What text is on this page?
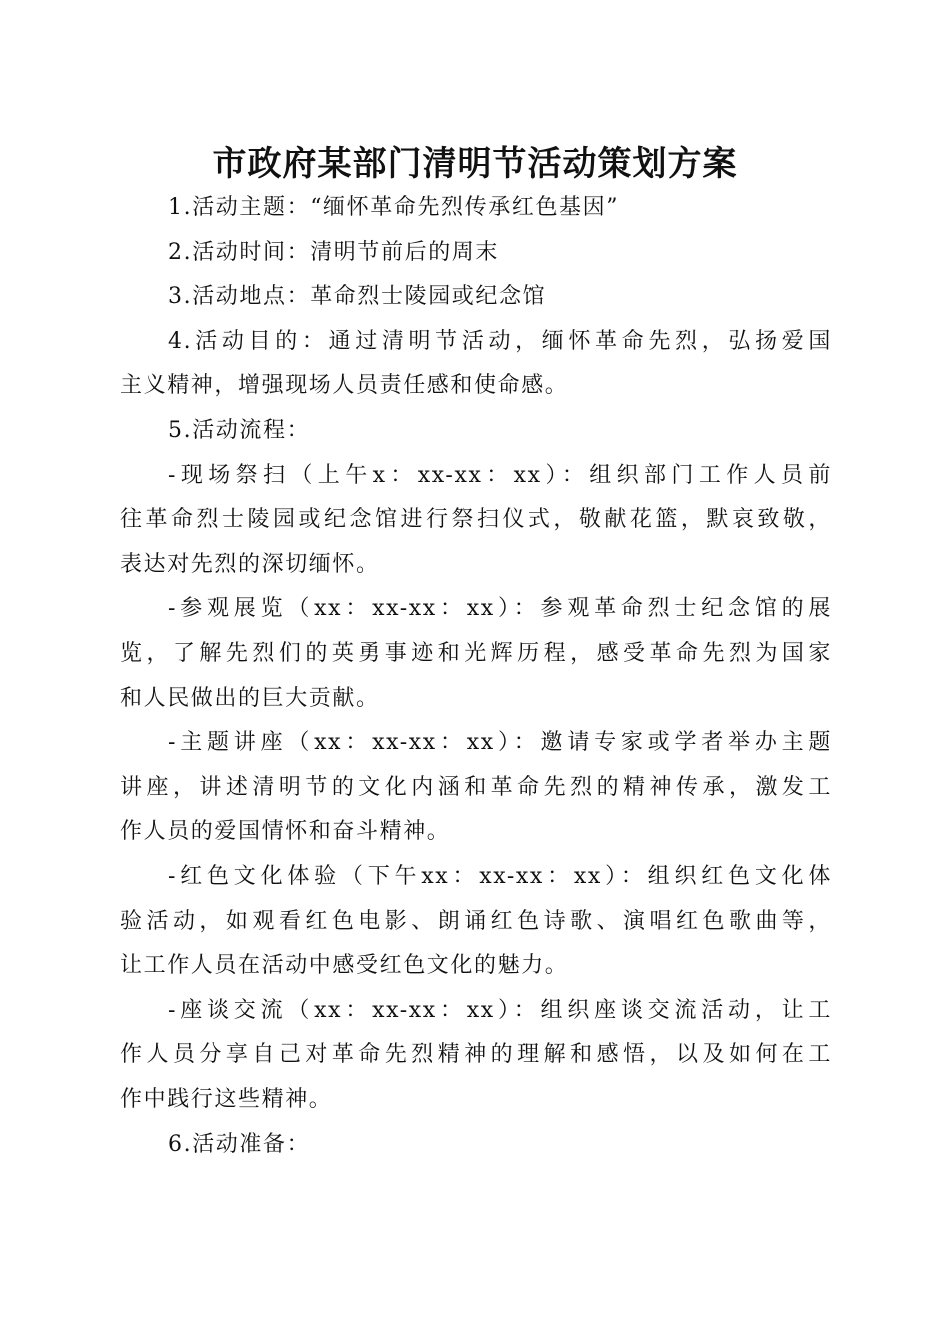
市政府某部门清明节活动策划方案
1.活动主题：“缅怀革命先烈传承红色基因”
2.活动时间：清明节前后的周末
3.活动地点：革命烈士陵园或纪念馆
4.活动目的：通过清明节活动，缅怀革命先烈，弘扬爱国
主义精神，增强现场人员责任感和使命感。
5.活动流程：
-现场祭扫（上午x：xx-xx：xx）：组织部门工作人员前
往革命烈士陵园或纪念馆进行祭扫仪式，敬献花篮，默哀致敬，
表达对先烈的深切缅怀。
-参观展览（xx：xx-xx：xx）：参观革命烈士纪念馆的展
览，了解先烈们的英勇事迹和光辉历程，感受革命先烈为国家
和人民做出的巨大贡献。
-主题讲座（xx：xx-xx：xx）：邀请专家或学者举办主题
讲座，讲述清明节的文化内涵和革命先烈的精神传承，激发工
作人员的爱国情怀和奋斗精神。
-红色文化体验（下午xx：xx-xx：xx）：组织红色文化体
验活动，如观看红色电影、朗诵红色诗歌、演唱红色歌曲等，
让工作人员在活动中感受红色文化的魅力。
-座谈交流（xx：xx-xx：xx）：组织座谈交流活动，让工
作人员分享自己对革命先烈精神的理解和感悟，以及如何在工
作中践行这些精神。
6.活动准备：
